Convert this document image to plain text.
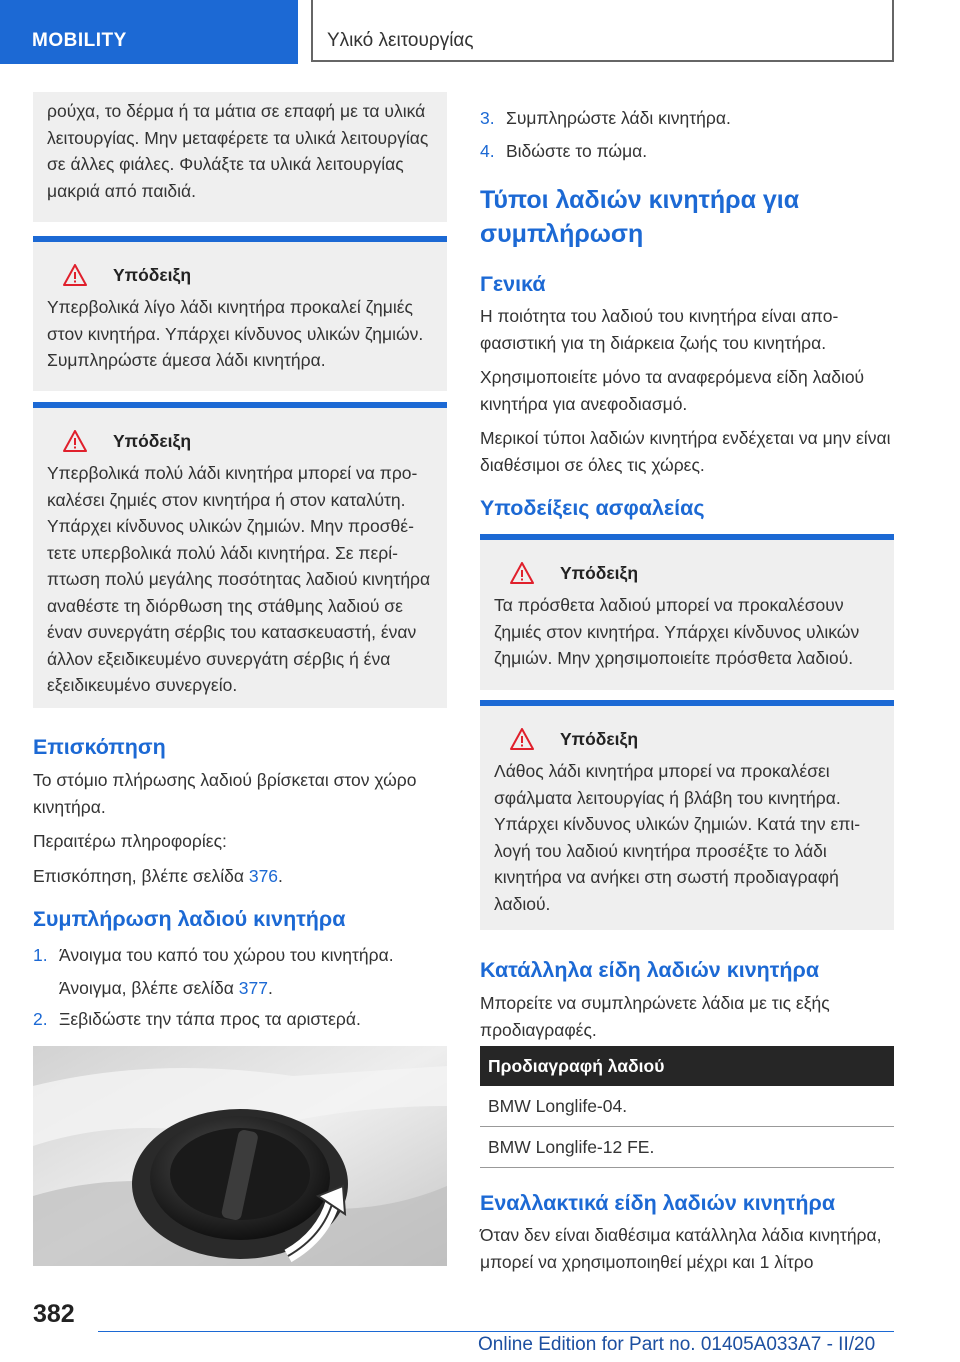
MOBILITY	Υλικό λειτουργίας

ρούχα, το δέρμα ή τα μάτια σε επαφή με τα υλικά λειτουργίας. Μην μεταφέρετε τα υλικά λειτουργίας σε άλλες φιάλες. Φυλάξτε τα υλικά λειτουργίας μακριά από παιδιά.

Υπόδειξη

Υπερβολικά λίγο λάδι κινητήρα προκαλεί ζημιές στον κινητήρα. Υπάρχει κίνδυνος υλικών ζημιών. Συμπληρώστε άμεσα λάδι κινητήρα.

Υπόδειξη

Υπερβολικά πολύ λάδι κινητήρα μπορεί να προκαλέσει ζημιές στον κινητήρα ή στον καταλύτη. Υπάρχει κίνδυνος υλικών ζημιών. Μην προσθέτετε υπερβολικά πολύ λάδι κινητήρα. Σε περίπτωση πολύ μεγάλης ποσότητας λαδιού κινητήρα αναθέστε τη διόρθωση της στάθμης λαδιού σε έναν συνεργάτη σέρβις του κατασκευαστή, έναν άλλον εξειδικευμένο συνεργάτη σέρβις ή ένα εξειδικευμένο συνεργείο.

Επισκόπηση

Το στόμιο πλήρωσης λαδιού βρίσκεται στον χώρο κινητήρα.

Περαιτέρω πληροφορίες:

Επισκόπηση, βλέπε σελίδα 376.

Συμπλήρωση λαδιού κινητήρα
1. Άνοιγμα του καπό του χώρου του κινητήρα.
Άνοιγμα, βλέπε σελίδα 377.
2. Ξεβιδώστε την τάπα προς τα αριστερά.
3. Συμπληρώστε λάδι κινητήρα.
4. Βιδώστε το πώμα.
Τύποι λαδιών κινητήρα για συμπλήρωση
Γενικά

Η ποιότητα του λαδιού του κινητήρα είναι αποφασιστική για τη διάρκεια ζωής του κινητήρα.

Χρησιμοποιείτε μόνο τα αναφερόμενα είδη λαδιού κινητήρα για ανεφοδιασμό.

Μερικοί τύποι λαδιών κινητήρα ενδέχεται να μην είναι διαθέσιμοι σε όλες τις χώρες.

Υποδείξεις ασφαλείας
Υπόδειξη

Τα πρόσθετα λαδιού μπορεί να προκαλέσουν ζημιές στον κινητήρα. Υπάρχει κίνδυνος υλικών ζημιών. Μην χρησιμοποιείτε πρόσθετα λαδιού.

Υπόδειξη

Λάθος λάδι κινητήρα μπορεί να προκαλέσει σφάλματα λειτουργίας ή βλάβη του κινητήρα. Υπάρχει κίνδυνος υλικών ζημιών. Κατά την επιλογή του λαδιού κινητήρα προσέξτε το λάδι κινητήρα να ανήκει στη σωστή προδιαγραφή λαδιού.

Κατάλληλα είδη λαδιών κινητήρα

Μπορείτε να συμπληρώνετε λάδια με τις εξής προδιαγραφές.

Προδιαγραφή λαδιού
BMW Longlife-04.
BMW Longlife-12 FE.
Εναλλακτικά είδη λαδιών κινητήρα

Όταν δεν είναι διαθέσιμα κατάλληλα λάδια κινητήρα, μπορεί να χρησιμοποιηθεί μέχρι και 1 λίτρο

382
Online Edition for Part no. 01405A033A7 - II/20
